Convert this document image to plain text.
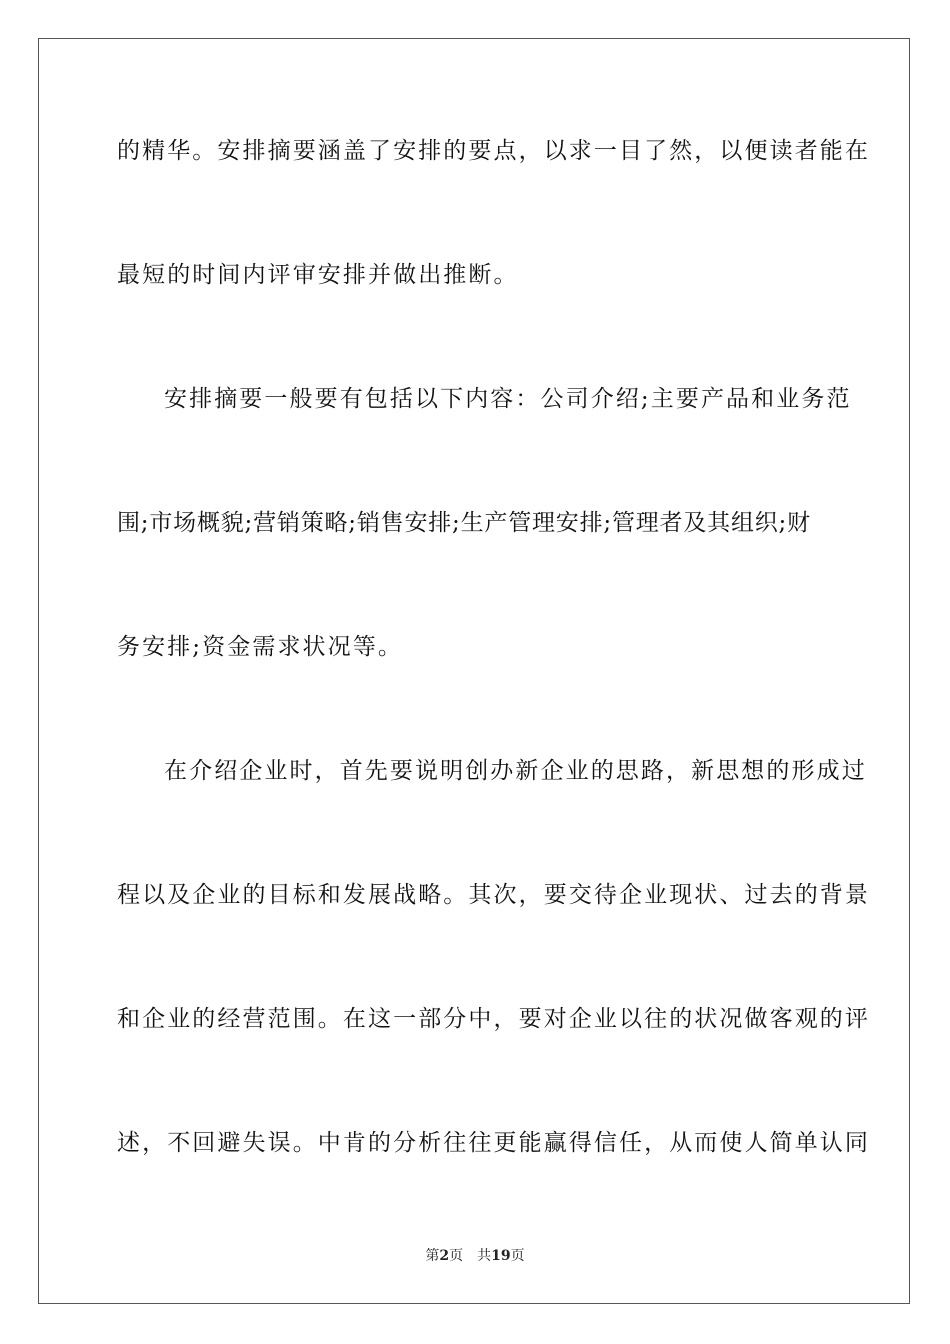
的精华。安排摘要涵盖了安排的要点，以求一目了然，以便读者能在
最短的时间内评审安排并做出推断。
安排摘要一般要有包括以下内容：公司介绍;主要产品和业务范
围;市场概貌;营销策略;销售安排;生产管理安排;管理者及其组织;财
务安排;资金需求状况等。
在介绍企业时，首先要说明创办新企业的思路，新思想的形成过
程以及企业的目标和发展战略。其次，要交待企业现状、过去的背景
和企业的经营范围。在这一部分中，要对企业以往的状况做客观的评
述，不回避失误。中肯的分析往往更能赢得信任，从而使人简单认同
第2页 共19页
